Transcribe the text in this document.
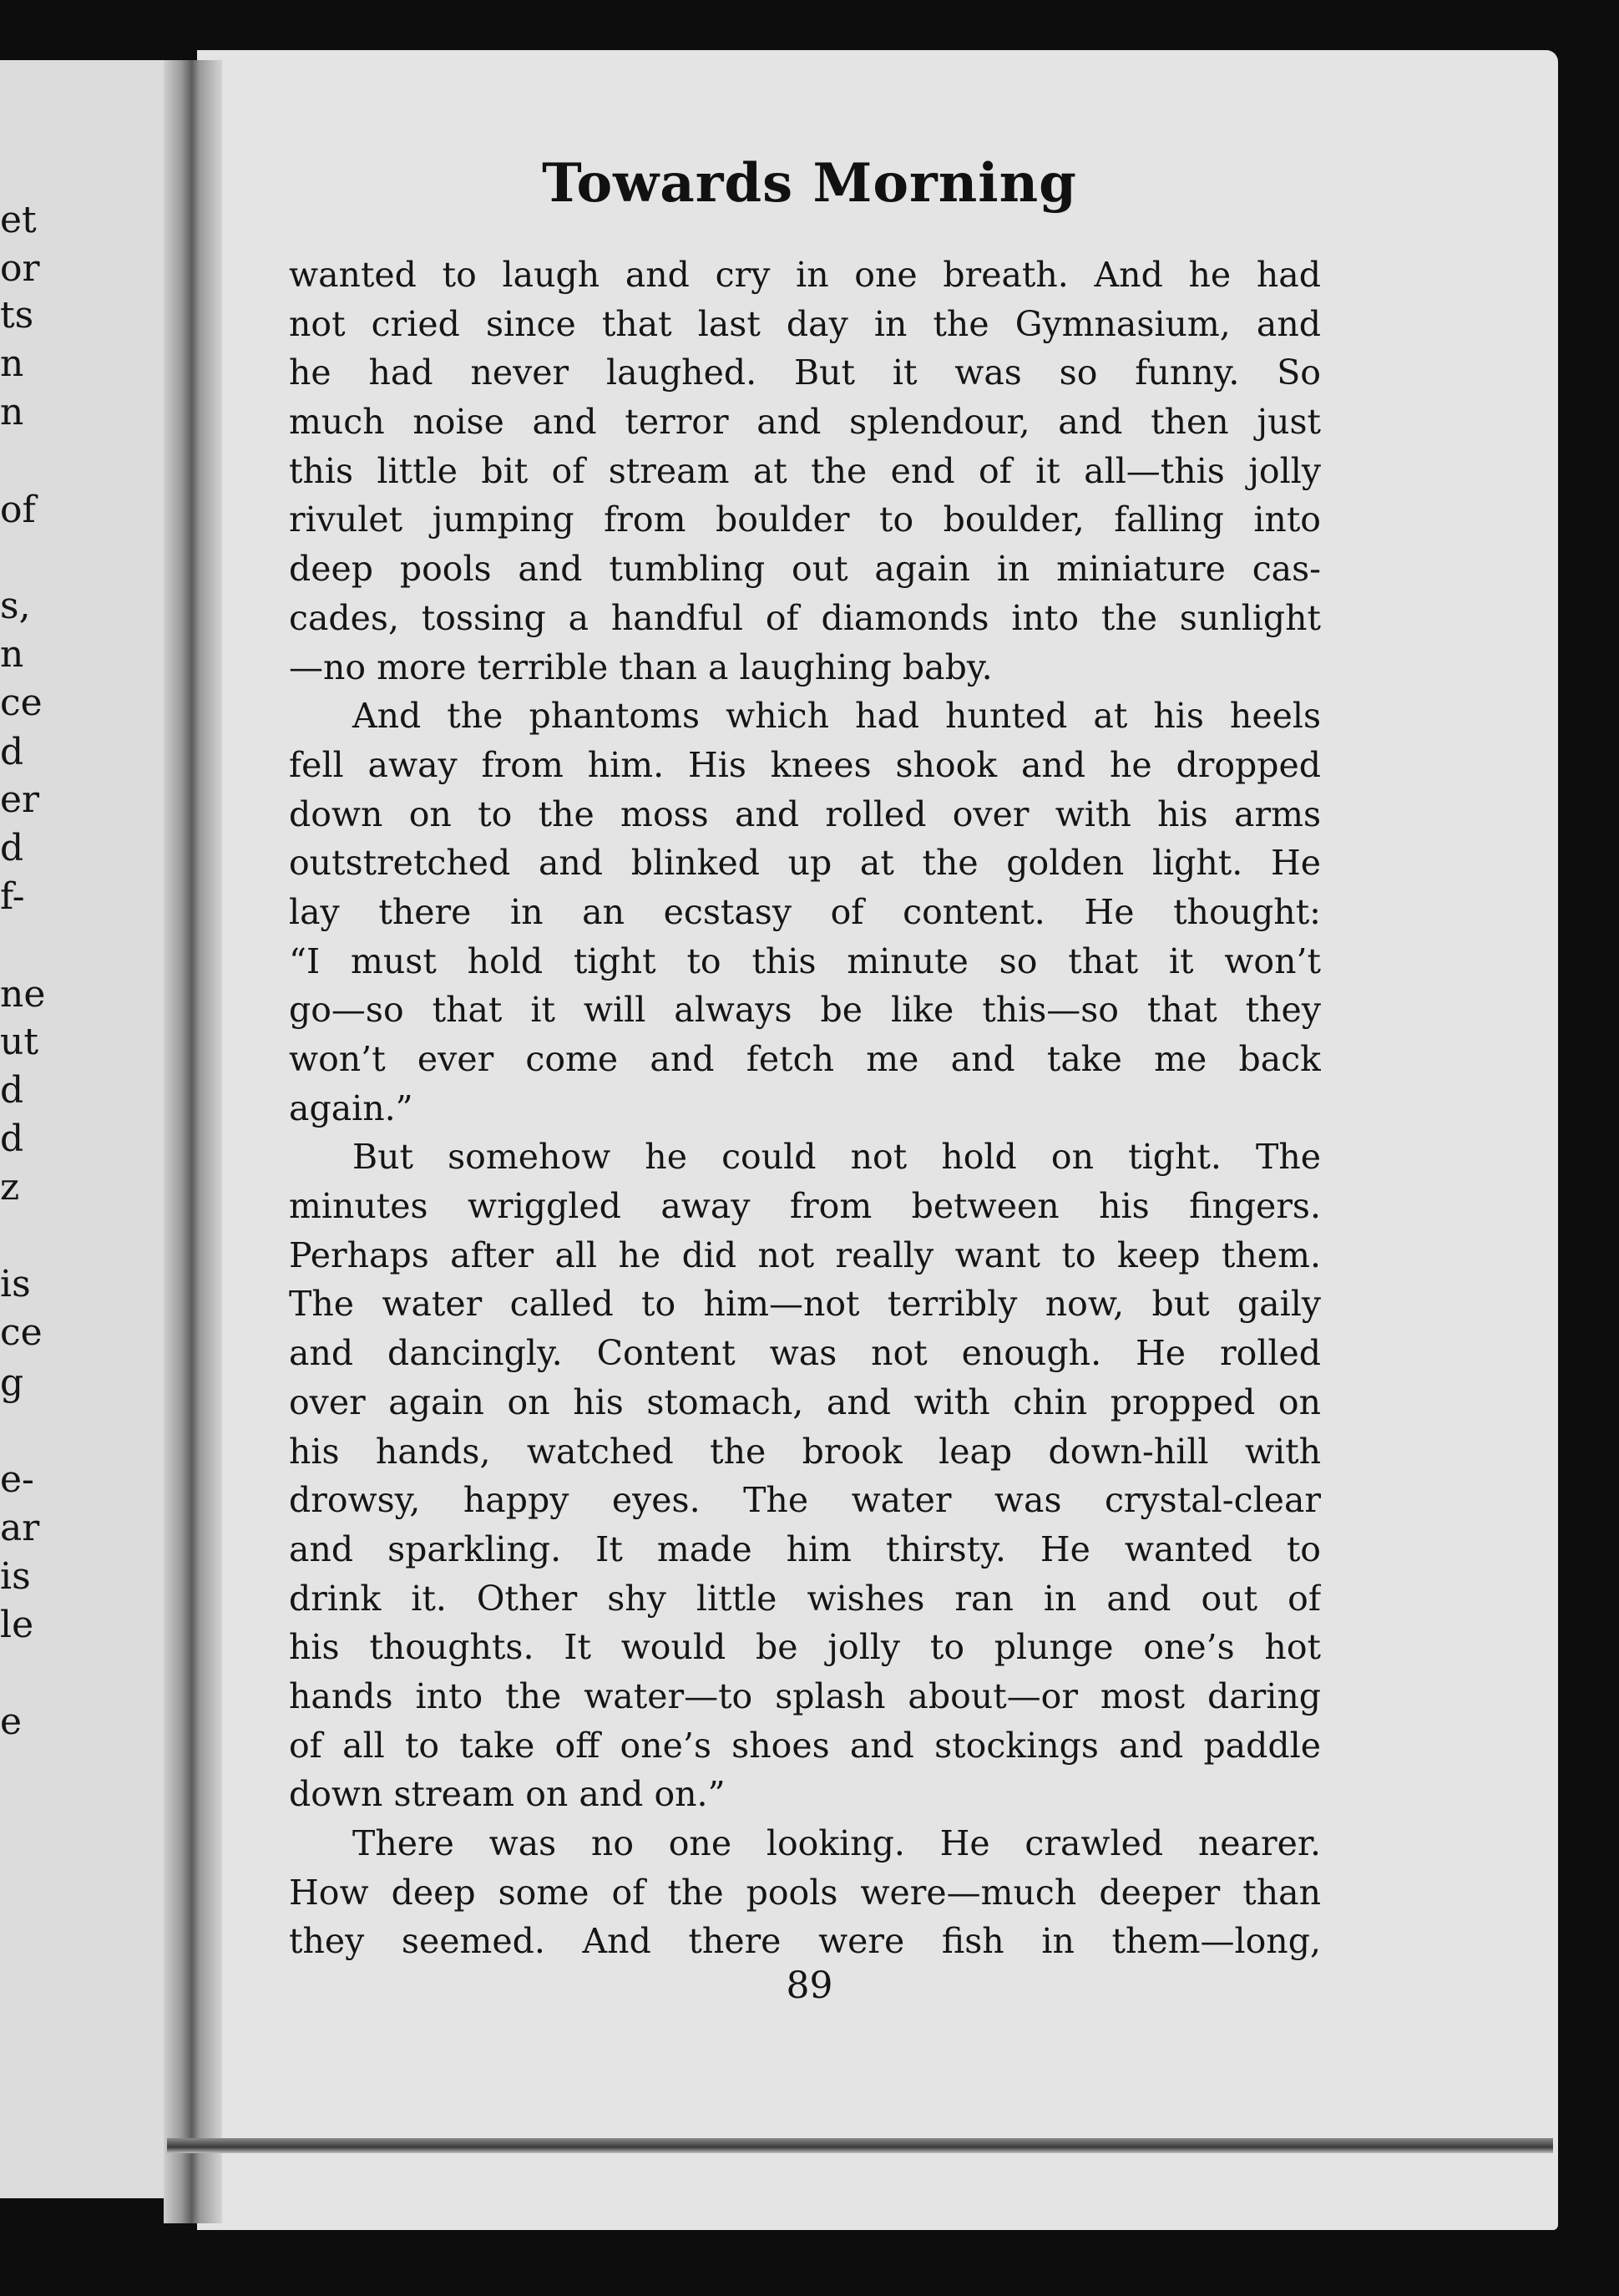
et
or
ts
n
n
of
s,
n
ce
d
er
d
f-
ne
ut
d
d
z
is
ce
g
e-
ar
is
le
e
Towards Morning
wanted to laugh and cry in one breath. And he had
not cried since that last day in the Gymnasium, and
he had never laughed. But it was so funny. So
much noise and terror and splendour, and then just
this little bit of stream at the end of it all—this jolly
rivulet jumping from boulder to boulder, falling into
deep pools and tumbling out again in miniature cas-
cades, tossing a handful of diamonds into the sunlight
—no more terrible than a laughing baby.
And the phantoms which had hunted at his heels
fell away from him. His knees shook and he dropped
down on to the moss and rolled over with his arms
outstretched and blinked up at the golden light. He
lay there in an ecstasy of content. He thought:
“I must hold tight to this minute so that it won’t
go—so that it will always be like this—so that they
won’t ever come and fetch me and take me back
again.”
But somehow he could not hold on tight. The
minutes wriggled away from between his fingers.
Perhaps after all he did not really want to keep them.
The water called to him—not terribly now, but gaily
and dancingly. Content was not enough. He rolled
over again on his stomach, and with chin propped on
his hands, watched the brook leap down-hill with
drowsy, happy eyes. The water was crystal-clear
and sparkling. It made him thirsty. He wanted to
drink it. Other shy little wishes ran in and out of
his thoughts. It would be jolly to plunge one’s hot
hands into the water—to splash about—or most daring
of all to take off one’s shoes and stockings and paddle
down stream on and on.”
There was no one looking. He crawled nearer.
How deep some of the pools were—much deeper than
they seemed. And there were fish in them—long,
89
